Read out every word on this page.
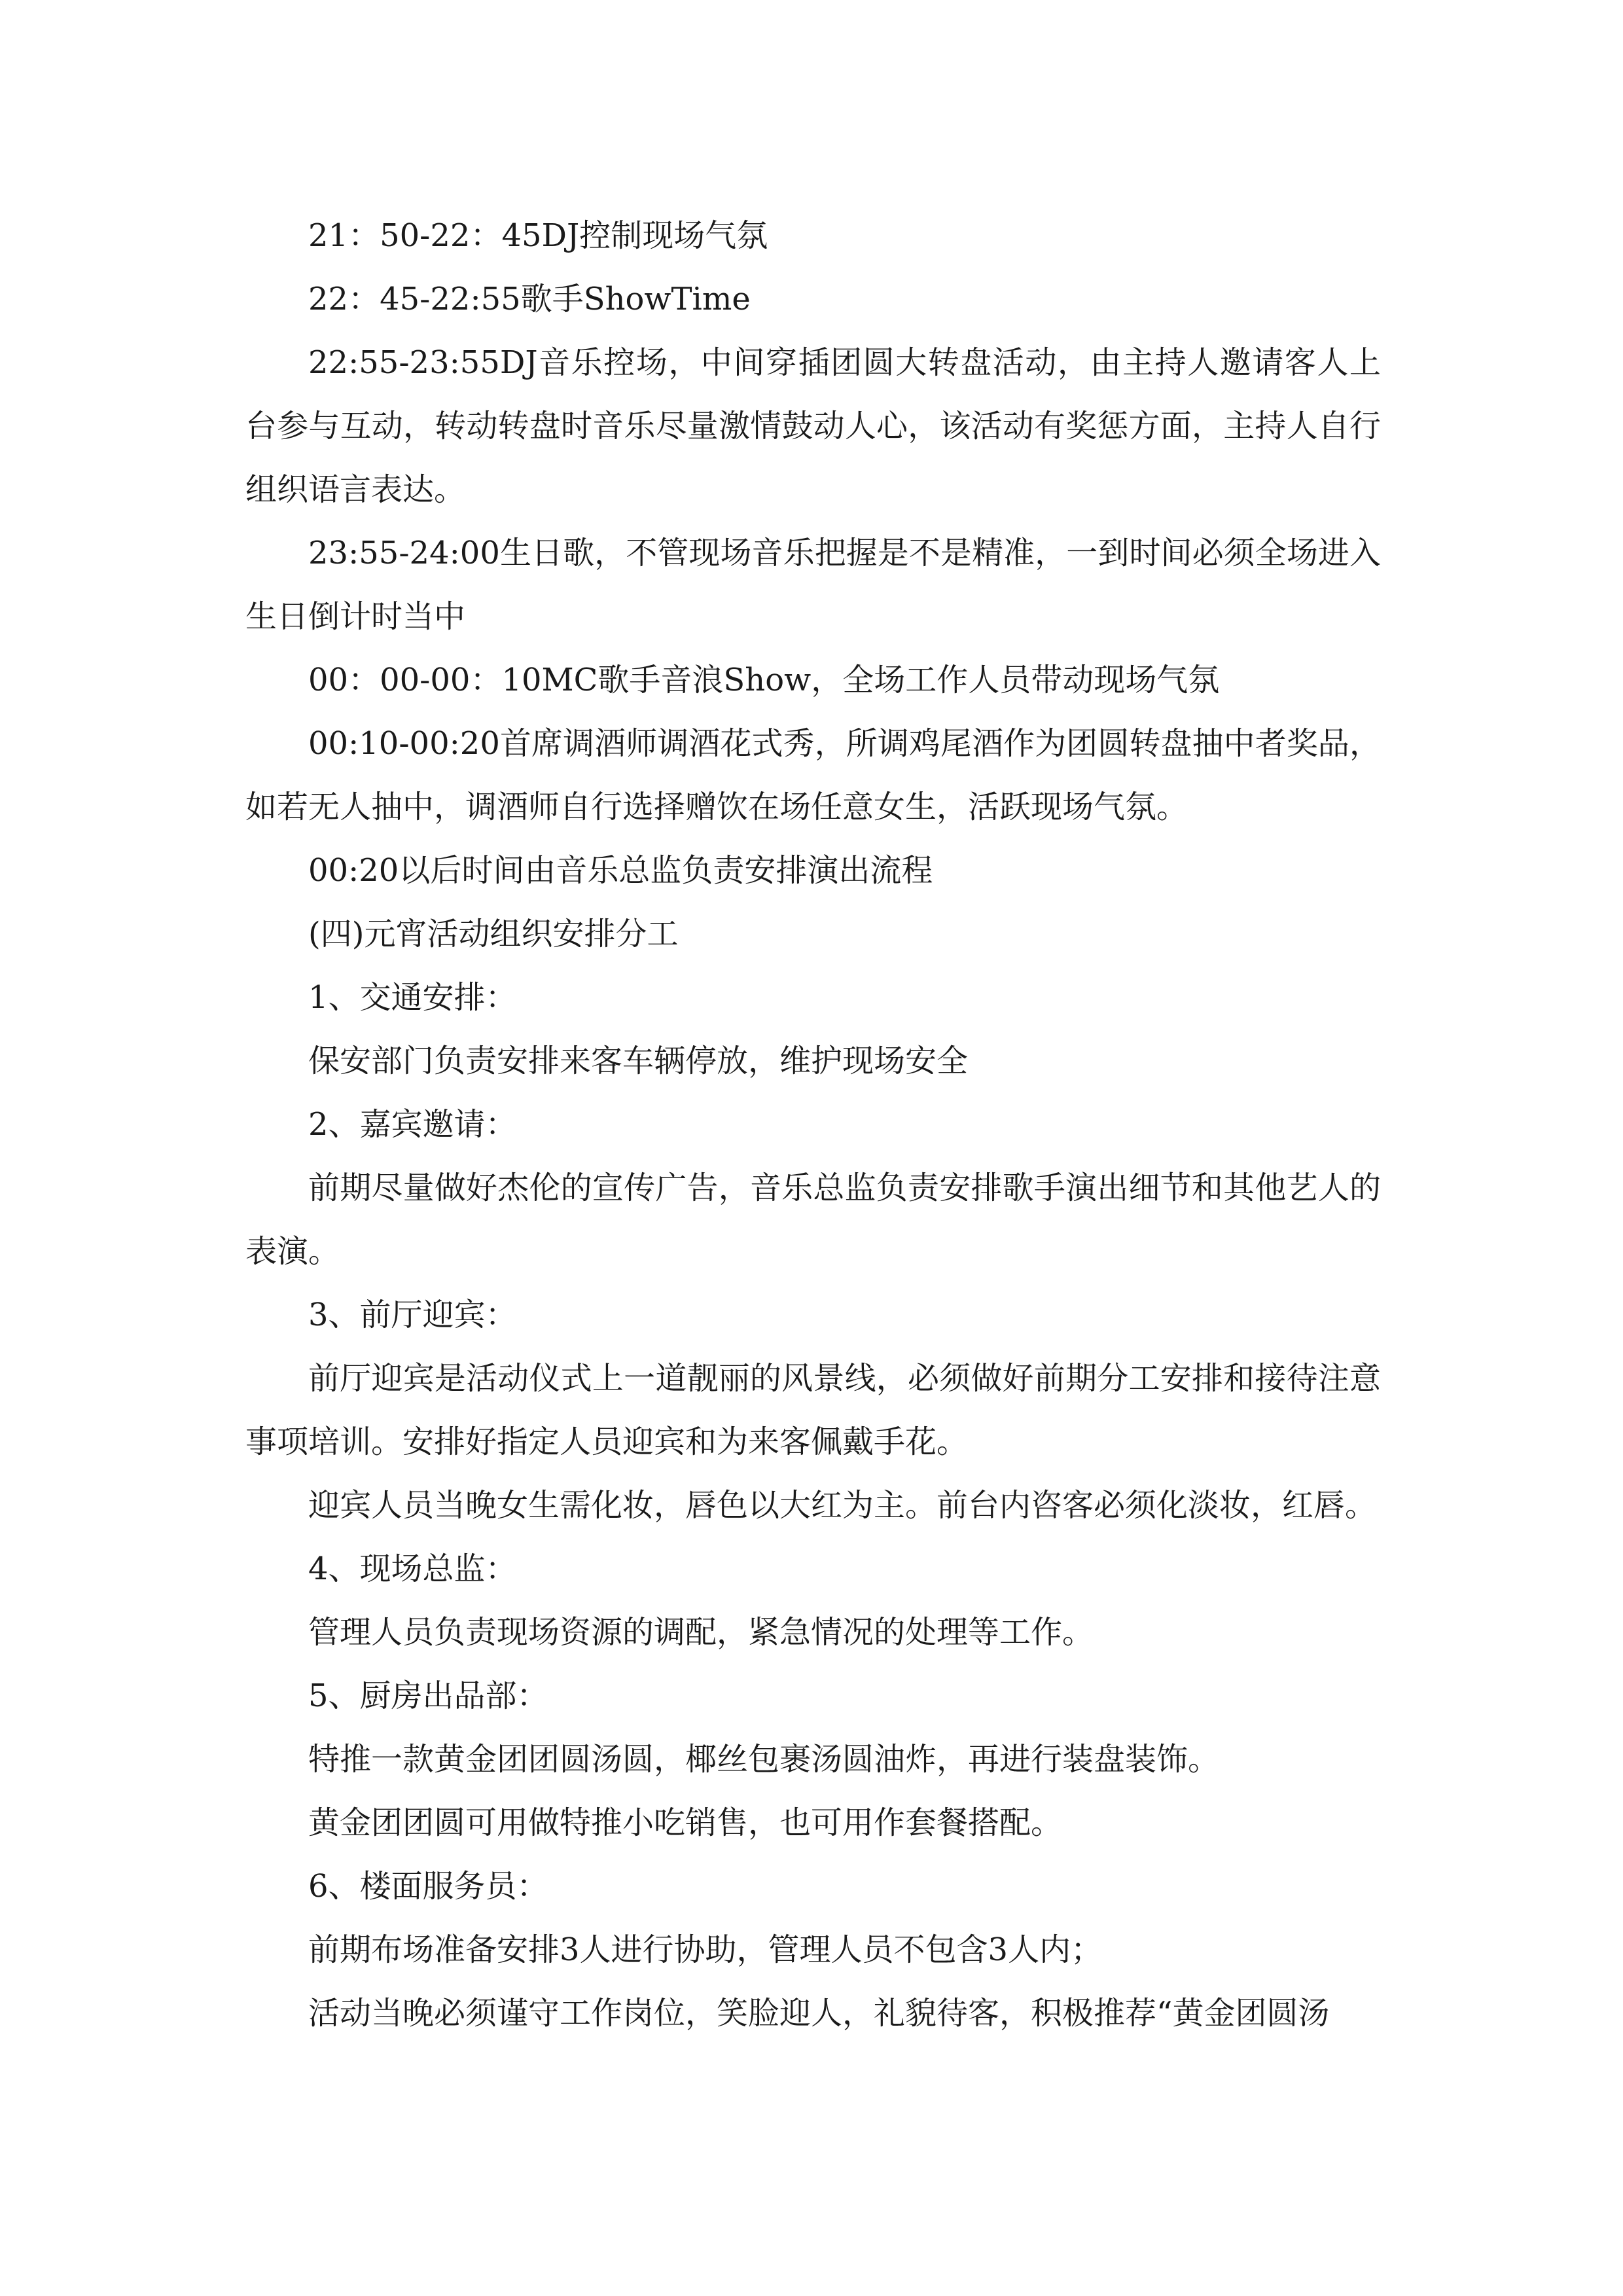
21：50-22：45DJ控制现场气氛

22：45-22:55歌手ShowTime

22:55-23:55DJ音乐控场，中间穿插团圆大转盘活动，由主持人邀请客人上台参与互动，转动转盘时音乐尽量激情鼓动人心，该活动有奖惩方面，主持人自行组织语言表达。

23:55-24:00生日歌，不管现场音乐把握是不是精准，一到时间必须全场进入生日倒计时当中

00：00-00：10MC歌手音浪Show，全场工作人员带动现场气氛

00:10-00:20首席调酒师调酒花式秀，所调鸡尾酒作为团圆转盘抽中者奖品，如若无人抽中，调酒师自行选择赠饮在场任意女生，活跃现场气氛。

00:20以后时间由音乐总监负责安排演出流程

(四)元宵活动组织安排分工

1、交通安排：

保安部门负责安排来客车辆停放，维护现场安全

2、嘉宾邀请：

前期尽量做好杰伦的宣传广告，音乐总监负责安排歌手演出细节和其他艺人的表演。

3、前厅迎宾：

前厅迎宾是活动仪式上一道靓丽的风景线，必须做好前期分工安排和接待注意事项培训。安排好指定人员迎宾和为来客佩戴手花。

迎宾人员当晚女生需化妆，唇色以大红为主。前台内咨客必须化淡妆，红唇。

4、现场总监：

管理人员负责现场资源的调配，紧急情况的处理等工作。

5、厨房出品部：

特推一款黄金团团圆汤圆，椰丝包裹汤圆油炸，再进行装盘装饰。

黄金团团圆可用做特推小吃销售，也可用作套餐搭配。

6、楼面服务员：

前期布场准备安排3人进行协助，管理人员不包含3人内；

活动当晚必须谨守工作岗位，笑脸迎人，礼貌待客，积极推荐“黄金团圆汤
